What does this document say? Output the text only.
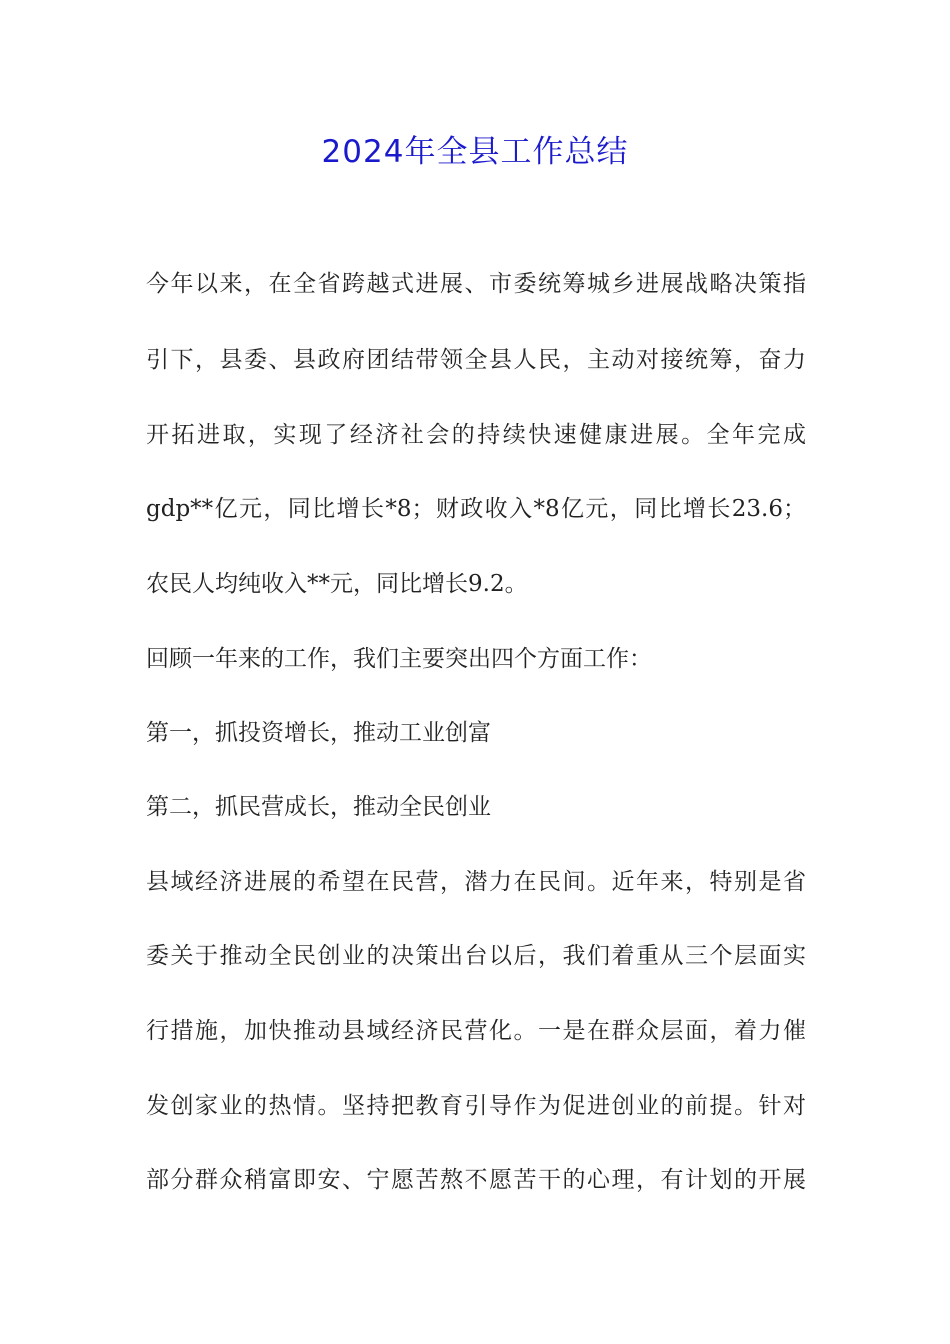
2024年全县工作总结
今年以来，在全省跨越式进展、市委统筹城乡进展战略决策指
引下，县委、县政府团结带领全县人民，主动对接统筹，奋力
开拓进取，实现了经济社会的持续快速健康进展。全年完成
gdp**亿元，同比增长*8；财政收入*8亿元，同比增长23.6；
农民人均纯收入**元，同比增长9.2。
回顾一年来的工作，我们主要突出四个方面工作：
第一，抓投资增长，推动工业创富
第二，抓民营成长，推动全民创业
县域经济进展的希望在民营，潜力在民间。近年来，特别是省
委关于推动全民创业的决策出台以后，我们着重从三个层面实
行措施，加快推动县域经济民营化。一是在群众层面，着力催
发创家业的热情。坚持把教育引导作为促进创业的前提。针对
部分群众稍富即安、宁愿苦熬不愿苦干的心理，有计划的开展
